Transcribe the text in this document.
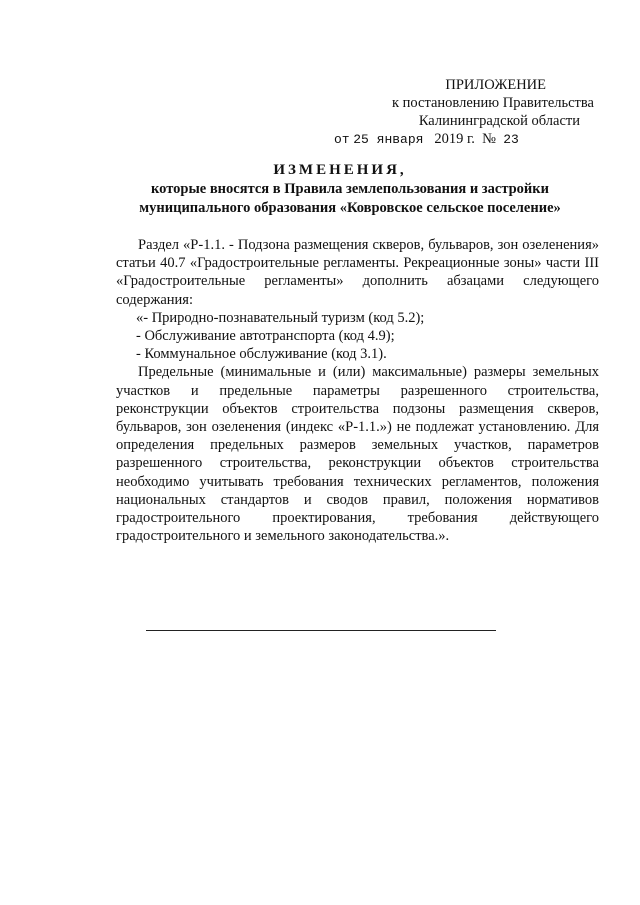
ПРИЛОЖЕНИЕ
к постановлению Правительства
Калининградской области
от 25 января 2019 г. № 23
ИЗМЕНЕНИЯ,
которые вносятся в Правила землепользования и застройки
муниципального образования «Ковровское сельское поселение»

Раздел «Р-1.1. - Подзона размещения скверов, бульваров, зон озеленения» статьи 40.7 «Градостроительные регламенты. Рекреационные зоны» части III «Градостроительные регламенты» дополнить абзацами следующего содержания:

«- Природно-познавательный туризм (код 5.2);

- Обслуживание автотранспорта (код 4.9);

- Коммунальное обслуживание (код 3.1).

Предельные (минимальные и (или) максимальные) размеры земельных участков и предельные параметры разрешенного строительства, реконструкции объектов строительства подзоны размещения скверов, бульваров, зон озеленения (индекс «Р-1.1.») не подлежат установлению. Для определения предельных размеров земельных участков, параметров разрешенного строительства, реконструкции объектов строительства необходимо учитывать требования технических регламентов, положения национальных стандартов и сводов правил, положения нормативов градостроительного проектирования, требования действующего градостроительного и земельного законодательства.».
